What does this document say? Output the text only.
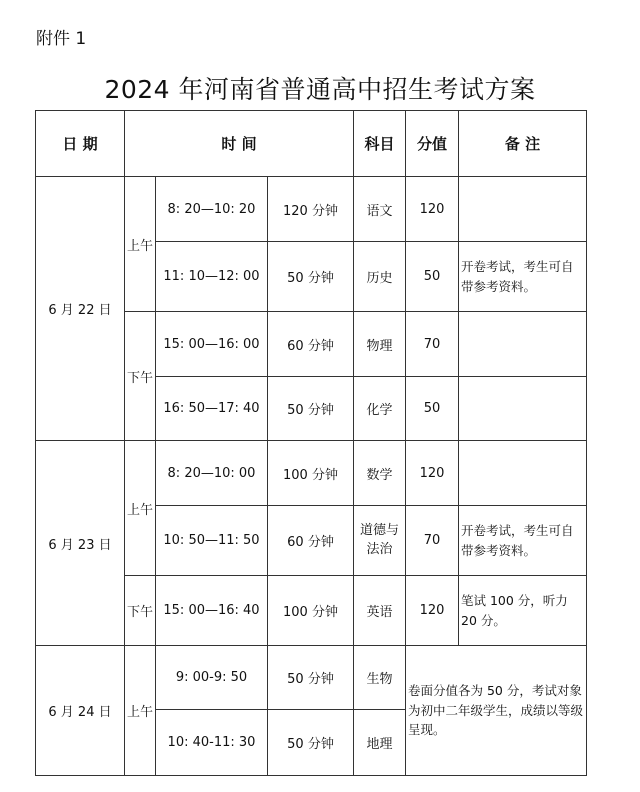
附件 1
2024 年河南省普通高中招生考试方案
日 期	时 间			科目	分值	备 注
6 月 22 日	上午	8: 20—10: 20	120 分钟	语文	120	
		11: 10—12: 00	50 分钟	历史	50	开卷考试，考生可自带参考资料。
	下午	15: 00—16: 00	60 分钟	物理	70	
		16: 50—17: 40	50 分钟	化学	50	
6 月 23 日	上午	8: 20—10: 00	100 分钟	数学	120	
		10: 50—11: 50	60 分钟	道德与法治	70	开卷考试，考生可自带参考资料。
	下午	15: 00—16: 40	100 分钟	英语	120	笔试 100 分，听力 20 分。
6 月 24 日	上午	9: 00-9: 50	50 分钟	生物	卷面分值各为 50 分，考试对象为初中二年级学生，成绩以等级呈现。	
		10: 40-11: 30	50 分钟	地理		
